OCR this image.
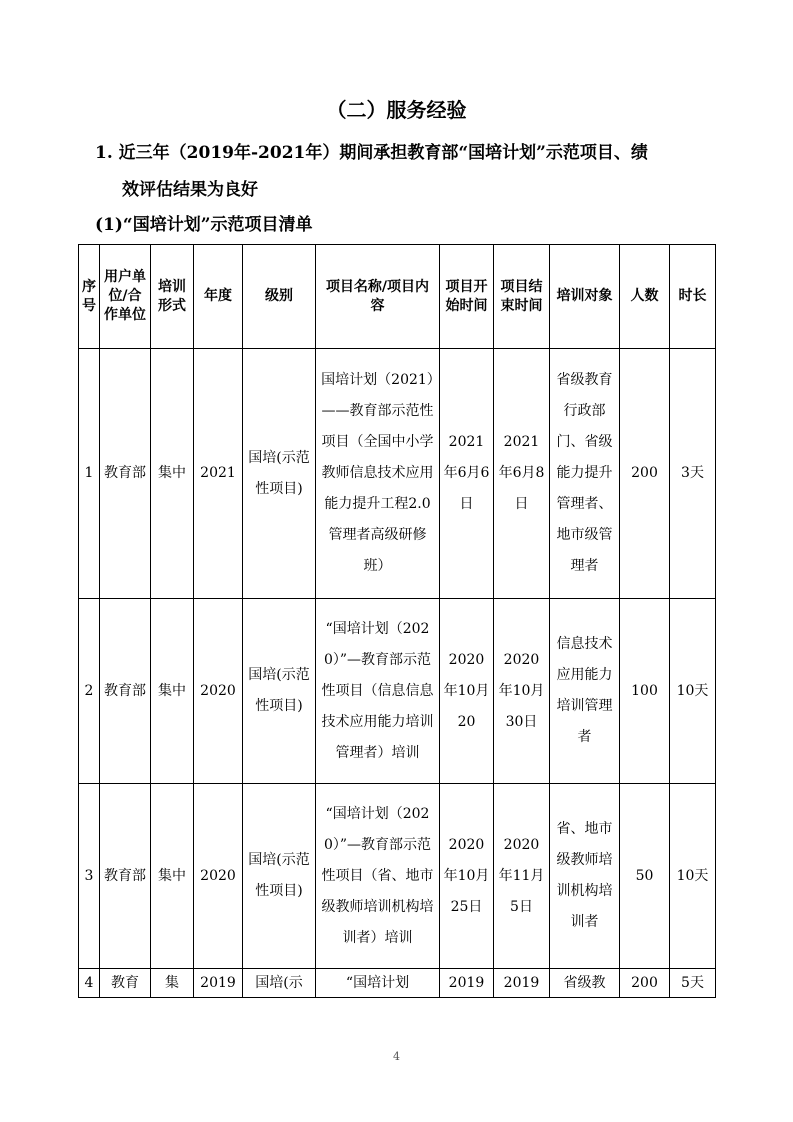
（二）服务经验
1. 近三年（2019年-2021年）期间承担教育部“国培计划”示范项目、绩
效评估结果为良好
(1)“国培计划”示范项目清单
序号	用户单位/合作单位	培训形式	年度	级别	项目名称/项目内容	项目开始时间	项目结束时间	培训对象	人数	时长
1	教育部	集中	2021	国培(示范性项目)	国培计划（2021）——教育部示范性项目（全国中小学教师信息技术应用能力提升工程2.0管理者高级研修班）	2021年6月6日	2021年6月8日	省级教育行政部门、省级能力提升管理者、地市级管理者	200	3天
2	教育部	集中	2020	国培(示范性项目)	“国培计划（2020）”—教育部示范性项目（信息信息技术应用能力培训管理者）培训	2020年10月20	2020年10月30日	信息技术应用能力培训管理者	100	10天
3	教育部	集中	2020	国培(示范性项目)	“国培计划（2020）”—教育部示范性项目（省、地市级教师培训机构培训者）培训	2020年10月25日	2020年11月5日	省、地市级教师培训机构培训者	50	10天
4	教育	集	2019	国培(示	“国培计划	2019	2019	省级教	200	5天
4
